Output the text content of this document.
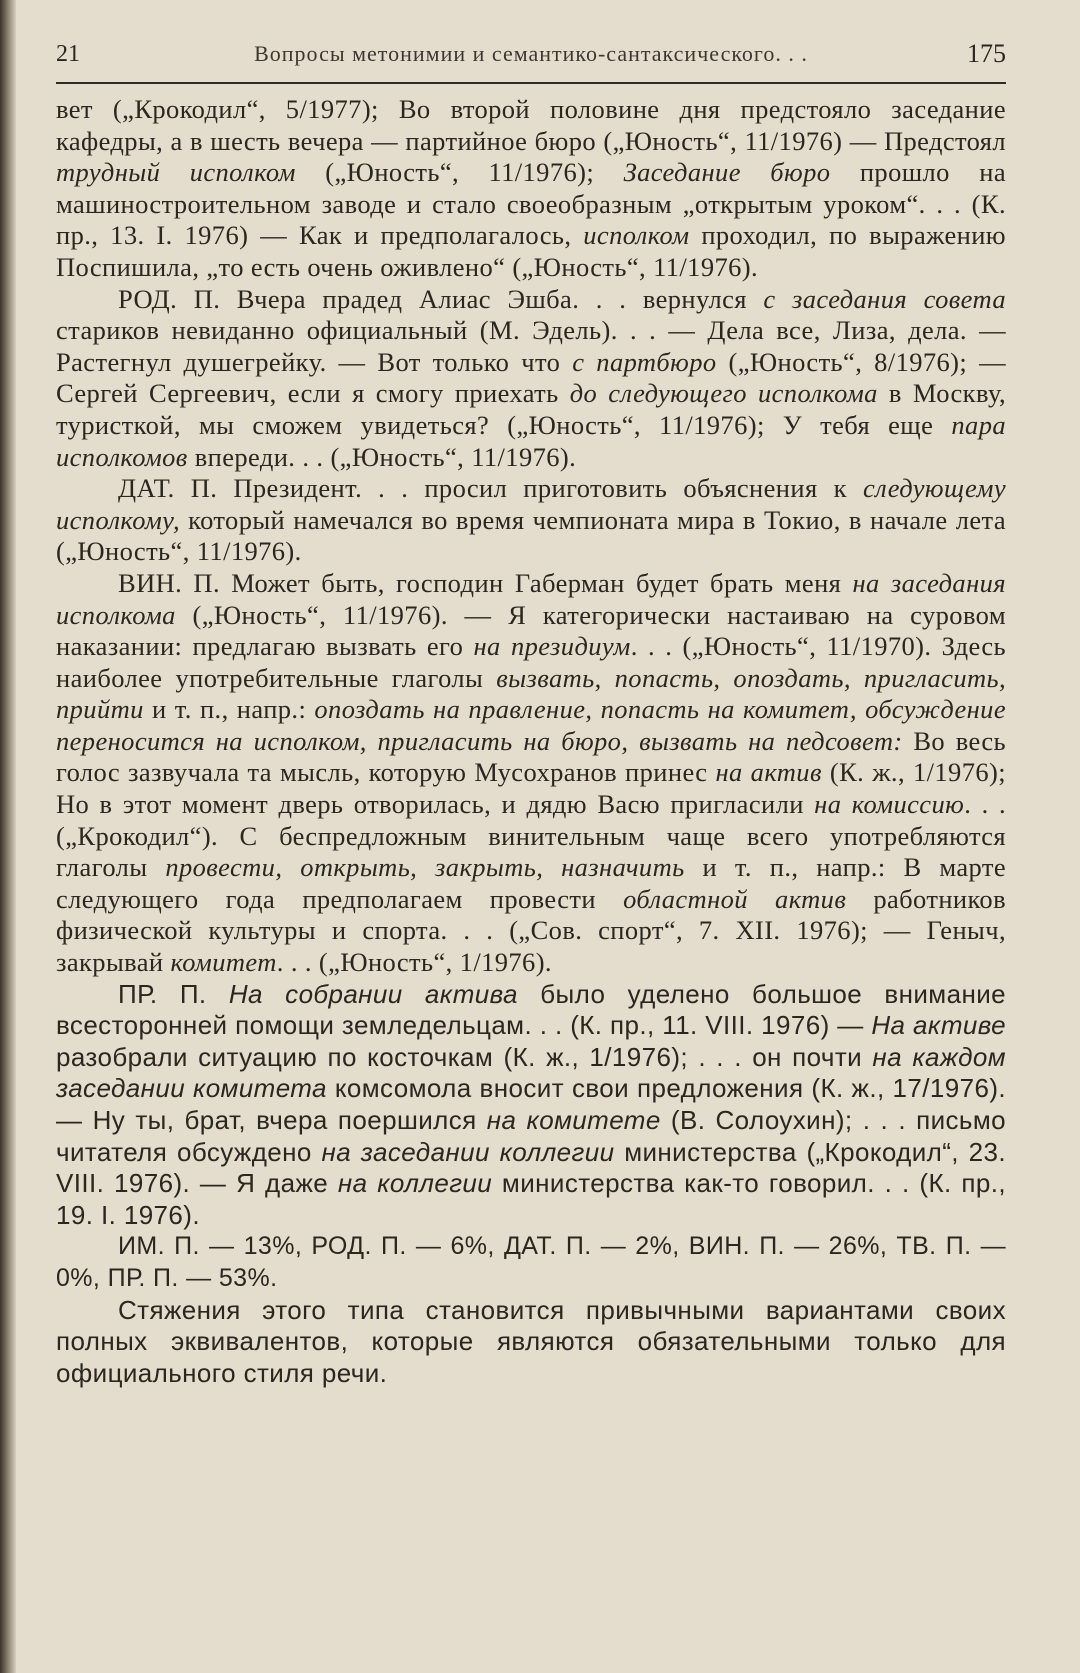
21	Вопросы метонимии и семантико-сантаксического. . .	175

вет („Крокодил“, 5/1977); Во второй половине дня предстояло заседание кафедры, а в шесть вечера — партийное бюро („Юность“, 11/1976) — Предстоял трудный исполком („Юность“, 11/1976); Заседание бюро прошло на машиностроительном заводе и стало своеобразным „открытым уроком“. . . (К. пр., 13. I. 1976) — Как и предполагалось, исполком проходил, по выражению Поспишила, „то есть очень оживлено“ („Юность“, 11/1976).

РОД. П. Вчера прадед Алиас Эшба. . . вернулся с заседания совета стариков невиданно официальный (М. Эдель). . . — Дела все, Лиза, дела. — Растегнул душегрейку. — Вот только что с партбюро („Юность“, 8/1976); — Сергей Сергеевич, если я смогу приехать до следующего исполкома в Москву, туристкой, мы сможем увидеться? („Юность“, 11/1976); У тебя еще пара исполкомов впереди. . . („Юность“, 11/1976).

ДАТ. П. Президент. . . просил приготовить объяснения к следующему исполкому, который намечался во время чемпионата мира в Токио, в начале лета („Юность“, 11/1976).

ВИН. П. Может быть, господин Габерман будет брать меня на заседания исполкома („Юность“, 11/1976). — Я категорически настаиваю на суровом наказании: предлагаю вызвать его на президиум. . . („Юность“, 11/1970). Здесь наиболее употребительные глаголы вызвать, попасть, опоздать, пригласить, прийти и т. п., напр.: опоздать на правление, попасть на комитет, обсуждение переносится на исполком, пригласить на бюро, вызвать на педсовет: Во весь голос зазвучала та мысль, которую Мусохранов принес на актив (К. ж., 1/1976); Но в этот момент дверь отворилась, и дядю Васю пригласили на комиссию. . . („Крокодил“). С беспредложным винительным чаще всего употребляются глаголы провести, открыть, закрыть, назначить и т. п., напр.: В марте следующего года предполагаем провести областной актив работников физической культуры и спорта. . . („Сов. спорт“, 7. XII. 1976); — Геныч, закрывай комитет. . . („Юность“, 1/1976).

ПР. П. На собрании актива было уделено большое внимание всесторонней помощи земледельцам. . . (К. пр., 11. VIII. 1976) — На активе разобрали ситуацию по косточкам (К. ж., 1/1976); . . . он почти на каждом заседании комитета комсомола вносит свои предложения (К. ж., 17/1976). — Ну ты, брат, вчера поершился на комитете (В. Солоухин); . . . письмо читателя обсуждено на заседании коллегии министерства („Крокодил“, 23. VIII. 1976). — Я даже на коллегии министерства как-то говорил. . . (К. пр., 19. I. 1976).

ИМ. П. — 13%, РОД. П. — 6%, ДАТ. П. — 2%, ВИН. П. — 26%, ТВ. П. — 0%, ПР. П. — 53%.

Стяжения этого типа становится привычными вариантами своих полных эквивалентов, которые являются обязательными только для официального стиля речи.
